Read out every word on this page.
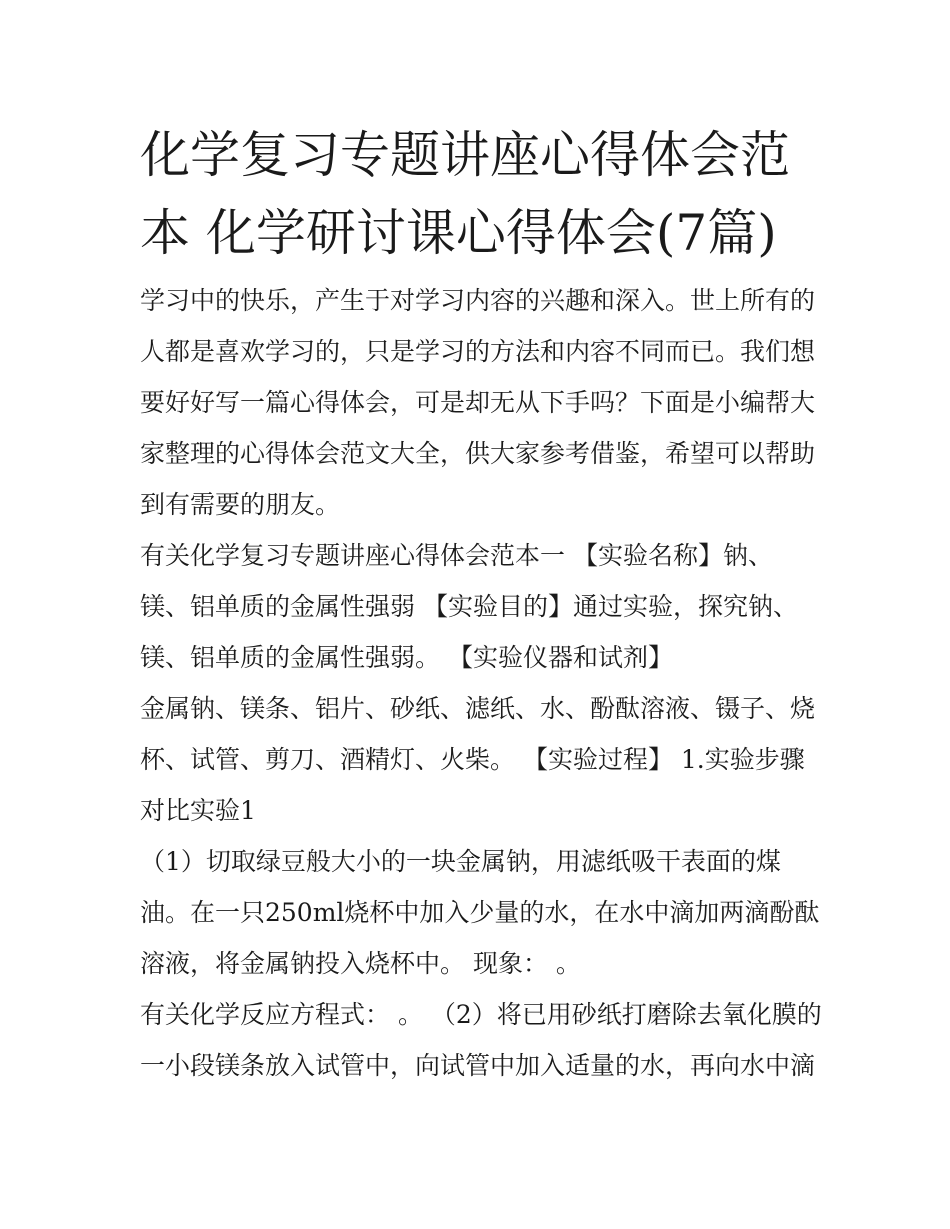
化学复习专题讲座心得体会范
本 化学研讨课心得体会(7篇)
学习中的快乐，产生于对学习内容的兴趣和深入。世上所有的
人都是喜欢学习的，只是学习的方法和内容不同而已。我们想
要好好写一篇心得体会，可是却无从下手吗？下面是小编帮大
家整理的心得体会范文大全，供大家参考借鉴，希望可以帮助
到有需要的朋友。
有关化学复习专题讲座心得体会范本一 【实验名称】钠、
镁、铝单质的金属性强弱 【实验目的】通过实验，探究钠、
镁、铝单质的金属性强弱。 【实验仪器和试剂】
金属钠、镁条、铝片、砂纸、滤纸、水、酚酞溶液、镊子、烧
杯、试管、剪刀、酒精灯、火柴。 【实验过程】 1.实验步骤
对比实验1
（1）切取绿豆般大小的一块金属钠，用滤纸吸干表面的煤
油。在一只250ml烧杯中加入少量的水，在水中滴加两滴酚酞
溶液，将金属钠投入烧杯中。 现象： 。
有关化学反应方程式： 。 （2）将已用砂纸打磨除去氧化膜的
一小段镁条放入试管中，向试管中加入适量的水，再向水中滴
